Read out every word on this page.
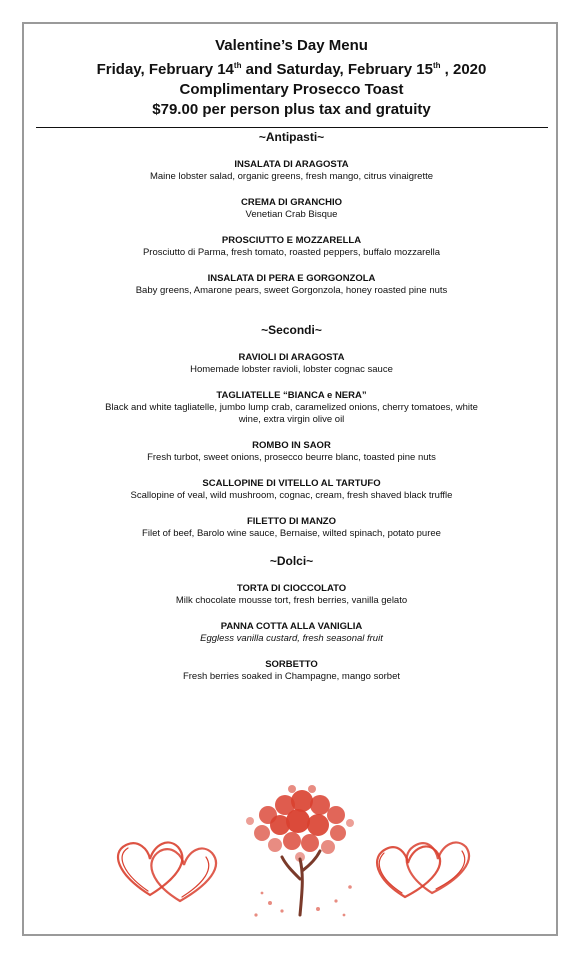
Valentine’s Day Menu
Friday, February 14th and Saturday, February 15th , 2020
Complimentary Prosecco Toast
$79.00 per person plus tax and gratuity
~Antipasti~
INSALATA DI ARAGOSTA
Maine lobster salad, organic greens, fresh mango, citrus vinaigrette
CREMA DI GRANCHIO
Venetian Crab Bisque
PROSCIUTTO E MOZZARELLA
Prosciutto di Parma, fresh tomato, roasted peppers, buffalo mozzarella
INSALATA DI PERA E GORGONZOLA
Baby greens, Amarone pears, sweet Gorgonzola, honey roasted pine nuts
~Secondi~
RAVIOLI DI ARAGOSTA
Homemade lobster ravioli, lobster cognac sauce
TAGLIATELLE “BIANCA e NERA”
Black and white tagliatelle, jumbo lump crab, caramelized onions, cherry tomatoes, white wine, extra virgin olive oil
ROMBO IN SAOR
Fresh turbot, sweet onions, prosecco beurre blanc, toasted pine nuts
SCALLOPINE DI VITELLO AL TARTUFO
Scallopine of veal, wild mushroom, cognac, cream, fresh shaved black truffle
FILETTO DI MANZO
Filet of beef, Barolo wine sauce, Bernaise, wilted spinach, potato puree
~Dolci~
TORTA DI CIOCCOLATO
Milk chocolate mousse tort, fresh berries, vanilla gelato
PANNA COTTA ALLA VANIGLIA
Eggless vanilla custard, fresh seasonal fruit
SORBETTO
Fresh berries soaked in Champagne, mango sorbet
